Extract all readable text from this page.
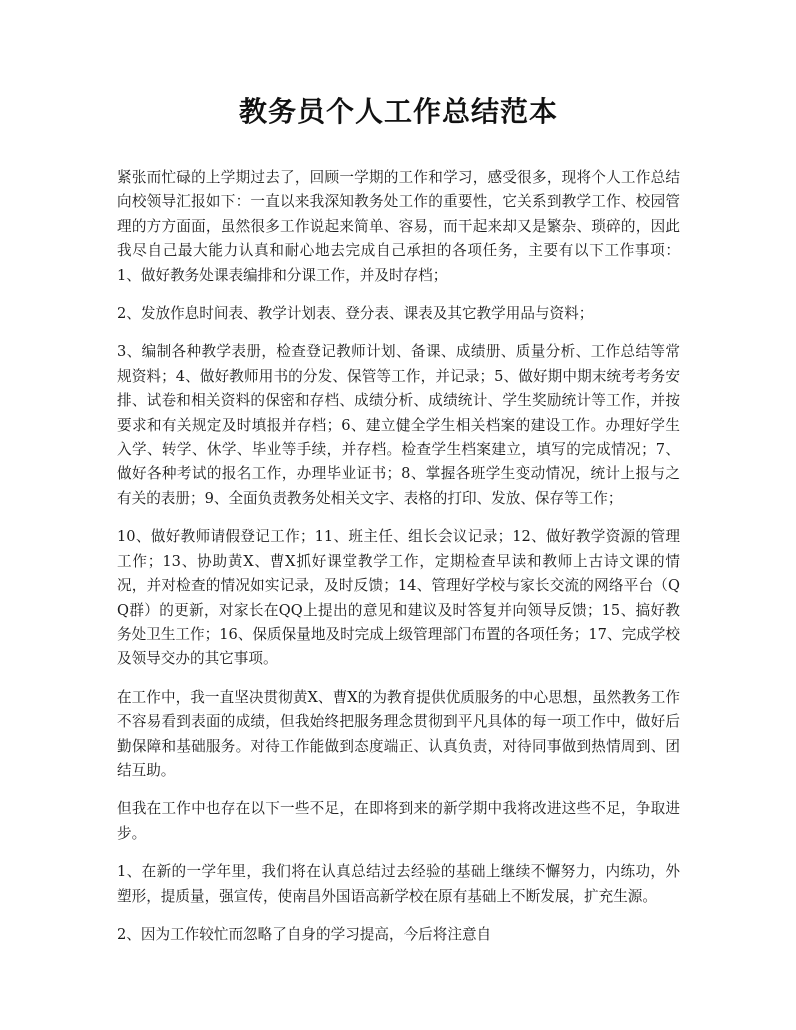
教务员个人工作总结范本

紧张而忙碌的上学期过去了，回顾一学期的工作和学习，感受很多，现将个人工作总结向校领导汇报如下：一直以来我深知教务处工作的重要性，它关系到教学工作、校园管理的方方面面，虽然很多工作说起来简单、容易，而干起来却又是繁杂、琐碎的，因此我尽自己最大能力认真和耐心地去完成自己承担的各项任务，主要有以下工作事项：1、做好教务处课表编排和分课工作，并及时存档；

2、发放作息时间表、教学计划表、登分表、课表及其它教学用品与资料；

3、编制各种教学表册，检查登记教师计划、备课、成绩册、质量分析、工作总结等常规资料；4、做好教师用书的分发、保管等工作，并记录；5、做好期中期末统考考务安排、试卷和相关资料的保密和存档、成绩分析、成绩统计、学生奖励统计等工作，并按要求和有关规定及时填报并存档；6、建立健全学生相关档案的建设工作。办理好学生入学、转学、休学、毕业等手续，并存档。检查学生档案建立，填写的完成情况；7、做好各种考试的报名工作，办理毕业证书；8、掌握各班学生变动情况，统计上报与之有关的表册；9、全面负责教务处相关文字、表格的打印、发放、保存等工作；

10、做好教师请假登记工作；11、班主任、组长会议记录；12、做好教学资源的管理工作；13、协助黄X、曹X抓好课堂教学工作，定期检查早读和教师上古诗文课的情况，并对检查的情况如实记录，及时反馈；14、管理好学校与家长交流的网络平台（QQ群）的更新，对家长在QQ上提出的意见和建议及时答复并向领导反馈；15、搞好教务处卫生工作；16、保质保量地及时完成上级管理部门布置的各项任务；17、完成学校及领导交办的其它事项。

在工作中，我一直坚决贯彻黄X、曹X的为教育提供优质服务的中心思想，虽然教务工作不容易看到表面的成绩，但我始终把服务理念贯彻到平凡具体的每一项工作中，做好后勤保障和基础服务。对待工作能做到态度端正、认真负责，对待同事做到热情周到、团结互助。

但我在工作中也存在以下一些不足，在即将到来的新学期中我将改进这些不足，争取进步。

1、在新的一学年里，我们将在认真总结过去经验的基础上继续不懈努力，内练功，外塑形，提质量，强宣传，使南昌外国语高新学校在原有基础上不断发展，扩充生源。

2、因为工作较忙而忽略了自身的学习提高，今后将注意自
